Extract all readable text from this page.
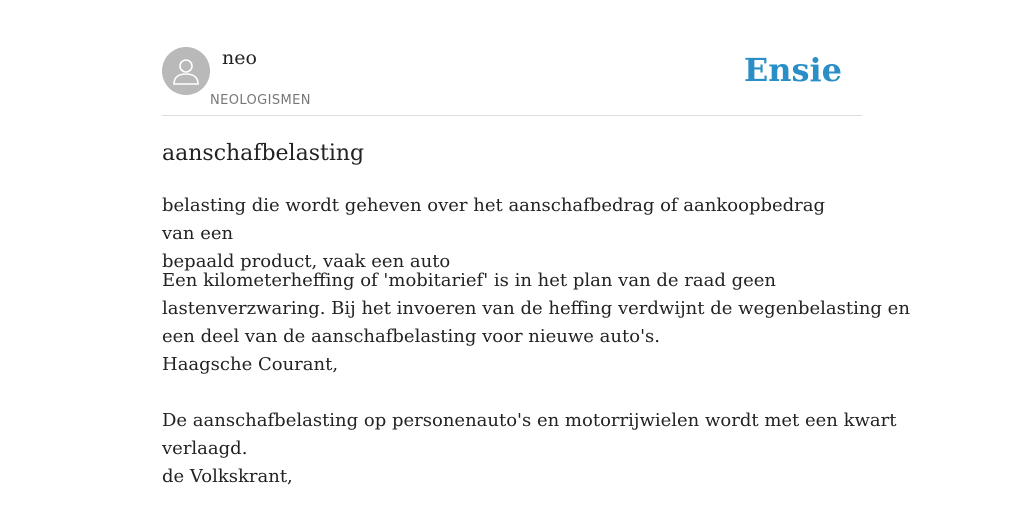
neo
NEOLOGISMEN
Ensie
aanschafbelasting

belasting die wordt geheven over het aanschafbedrag of aankoopbedrag van een
bepaald product, vaak een auto

Een kilometerheffing of 'mobitarief' is in het plan van de raad geen
lastenverzwaring. Bij het invoeren van de heffing verdwijnt de wegenbelasting en
een deel van de aanschafbelasting voor nieuwe auto's.
Haagsche Courant,
De aanschafbelasting op personenauto's en motorrijwielen wordt met een kwart
verlaagd.
de Volkskrant,
